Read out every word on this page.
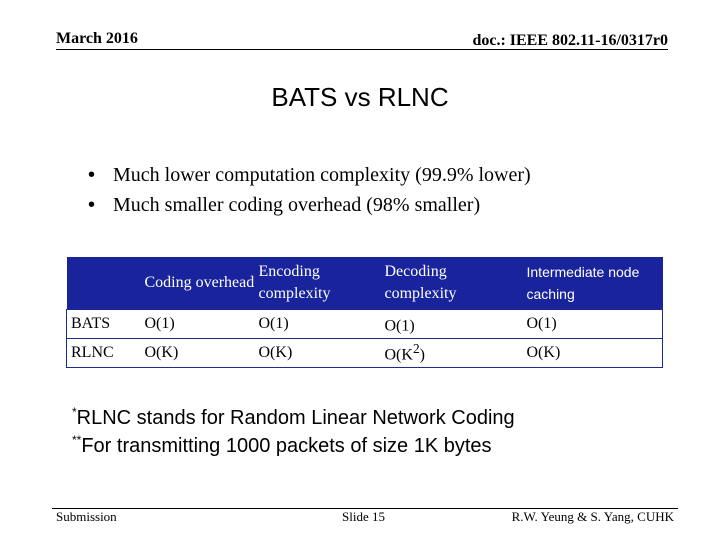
March 2016	doc.: IEEE 802.11-16/0317r0
BATS vs RLNC
• Much lower computation complexity (99.9% lower)
• Much smaller coding overhead (98% smaller)
	Coding overhead	Encoding complexity	Decoding complexity	Intermediate node caching
BATS	O(1)	O(1)	O(1)	O(1)
RLNC	O(K)	O(K)	$O(K^2)$	O(K)
*RLNC stands for Random Linear Network Coding
**For transmitting 1000 packets of size 1K bytes
Submission	Slide 15	R.W. Yeung & S. Yang, CUHK
